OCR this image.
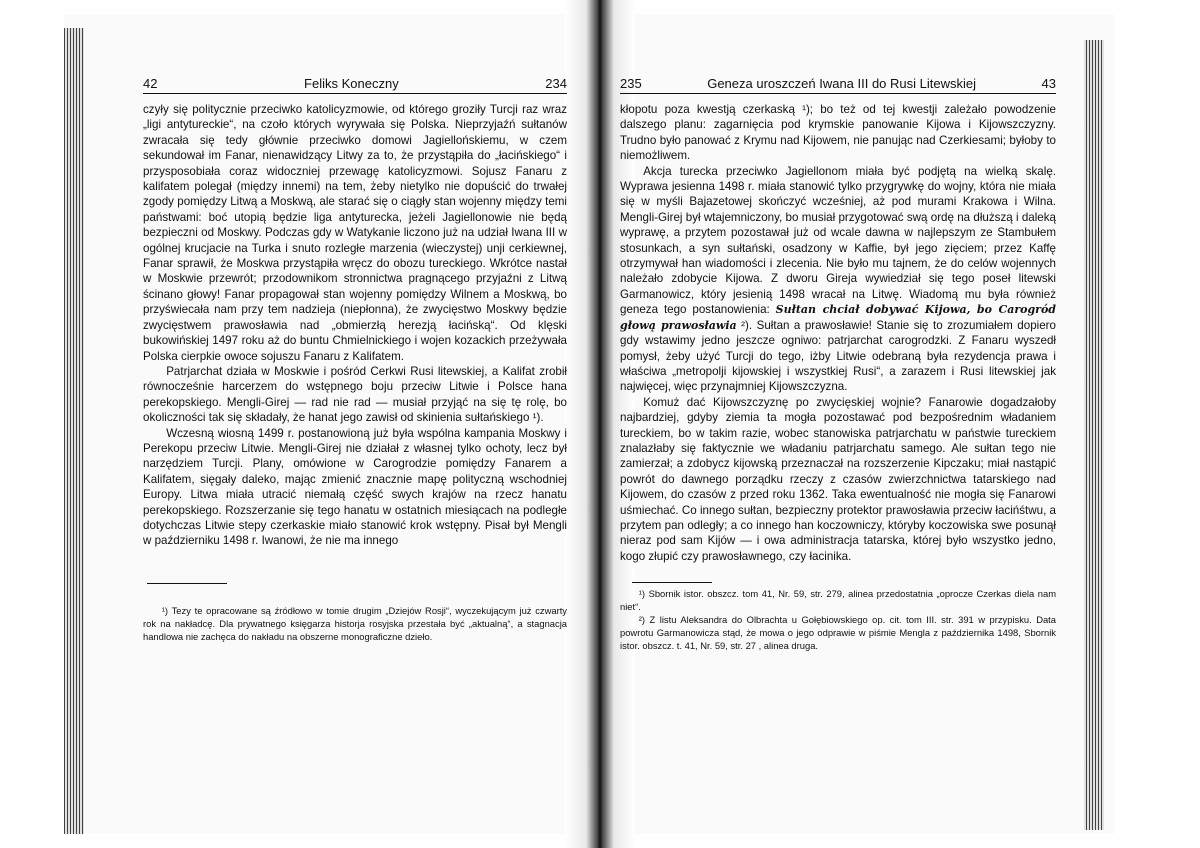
42	Feliks Koneczny	234

czyły się politycznie przeciwko katolicyzmowie, od którego groziły Turcji raz wraz „ligi antytureckie“, na czoło których wyrywała się Polska. Nieprzyjaźń sułtanów zwracała się tedy głównie przeciwko domowi Jagiellońskiemu, w czem sekundował im Fanar, nienawidzący Litwy za to, że przystąpiła do „łacińskiego“ i przysposobiała coraz widoczniej przewagę katolicyzmowi. Sojusz Fanaru z kalifatem polegał (między innemi) na tem, żeby nietylko nie dopuścić do trwałej zgody pomiędzy Litwą a Moskwą, ale starać się o ciągły stan wojenny między temi państwami: boć utopią będzie liga antyturecka, jeżeli Jagiellonowie nie będą bezpieczni od Moskwy. Podczas gdy w Watykanie liczono już na udział Iwana III w ogólnej krucjacie na Turka i snuto rozległe marzenia (wieczystej) unji cerkiewnej, Fanar sprawił, że Moskwa przystąpiła wręcz do obozu tureckiego. Wkrótce nastał w Moskwie przewrót; przodownikom stronnictwa pragnącego przyjaźni z Litwą ścinano głowy! Fanar propagował stan wojenny pomiędzy Wilnem a Moskwą, bo przyświecała nam przy tem nadzieja (niepłonna), że zwycięstwo Moskwy będzie zwycięstwem prawosławia nad „obmierzłą herezją łacińską“. Od klęski bukowińskiej 1497 roku aż do buntu Chmielnickiego i wojen kozackich przeżywała Polska cierpkie owoce sojuszu Fanaru z Kalifatem.

Patrjarchat działa w Moskwie i pośród Cerkwi Rusi litewskiej, a Kalifat zrobił równocześnie harcerzem do wstępnego boju przeciw Litwie i Polsce hana perekopskiego. Mengli-Girej — rad nie rad — musiał przyjąć na się tę rolę, bo okoliczności tak się składały, że hanat jego zawisł od skinienia sułtańskiego ¹).

Wczesną wiosną 1499 r. postanowioną już była wspólna kampania Moskwy i Perekopu przeciw Litwie. Mengli-Girej nie działał z własnej tylko ochoty, lecz był narzędziem Turcji. Plany, omówione w Carogrodzie pomiędzy Fanarem a Kalifatem, sięgały daleko, mając zmienić znacznie mapę polityczną wschodniej Europy. Litwa miała utracić niemałą część swych krajów na rzecz hanatu perekopskiego. Rozszerzanie się tego hanatu w ostatnich miesiącach na podległe dotychczas Litwie stepy czerkaskie miało stanowić krok wstępny. Pisał był Mengli w październiku 1498 r. Iwanowi, że nie ma innego

¹) Tezy te opracowane są źródłowo w tomie drugim „Dziejów Rosji“, wyczekującym już czwarty rok na nakładcę. Dla prywatnego księgarza historja rosyjska przestała być „aktualną“, a stagnacja handlowa nie zachęca do nakładu na obszerne monograficzne dzieło.

235	Geneza uroszczeń Iwana III do Rusi Litewskiej	43

kłopotu poza kwestją czerkaską ¹); bo też od tej kwestji zależało powodzenie dalszego planu: zagarnięcia pod krymskie panowanie Kijowa i Kijowszczyzny. Trudno było panować z Krymu nad Kijowem, nie panując nad Czerkiesami; byłoby to niemożliwem.

Akcja turecka przeciwko Jagiellonom miała być podjętą na wielką skalę. Wyprawa jesienna 1498 r. miała stanowić tylko przygrywkę do wojny, która nie miała się w myśli Bajazetowej skończyć wcześniej, aż pod murami Krakowa i Wilna. Mengli-Girej był wtajemniczony, bo musiał przygotować swą ordę na dłuższą i daleką wyprawę, a przytem pozostawał już od wcale dawna w najlepszym ze Stambułem stosunkach, a syn sułtański, osadzony w Kaffie, był jego zięciem; przez Kaffę otrzymywał han wiadomości i zlecenia. Nie było mu tajnem, że do celów wojennych należało zdobycie Kijowa. Z dworu Gireja wywiedział się tego poseł litewski Garmanowicz, który jesienią 1498 wracał na Litwę. Wiadomą mu była również geneza tego postanowienia: Sułtan chciał dobywać Kijowa, bo Carogród głową prawosławia ²). Sułtan a prawosławie! Stanie się to zrozumiałem dopiero gdy wstawimy jedno jeszcze ogniwo: patrjarchat carogrodzki. Z Fanaru wyszedł pomysł, żeby użyć Turcji do tego, iżby Litwie odebraną była rezydencja prawa i właściwa „metropolji kijowskiej i wszystkiej Rusi“, a zarazem i Rusi litewskiej jak najwięcej, więc przynajmniej Kijowszczyzna.

Komuż dać Kijowszczyznę po zwycięskiej wojnie? Fanarowie dogadzałoby najbardziej, gdyby ziemia ta mogła pozostawać pod bezpośrednim władaniem tureckiem, bo w takim razie, wobec stanowiska patrjarchatu w państwie tureckiem znalazłaby się faktycznie we władaniu patrjarchatu samego. Ale sułtan tego nie zamierzał; a zdobycz kijowską przeznaczał na rozszerzenie Kipczaku; miał nastąpić powrót do dawnego porządku rzeczy z czasów zwierzchnictwa tatarskiego nad Kijowem, do czasów z przed roku 1362. Taka ewentualność nie mogła się Fanarowi uśmiechać. Co innego sułtan, bezpieczny protektor prawosławia przeciw łacińśtwu, a przytem pan odległy; a co innego han koczowniczy, któryby koczowiska swe posunął nieraz pod sam Kijów — i owa administracja tatarska, której było wszystko jedno, kogo złupić czy prawosławnego, czy łacinika.

¹) Sbornik istor. obszcz. tom 41, Nr. 59, str. 279, alinea przedostatnia „oprocze Czerkas diela nam niet“.

²) Z listu Aleksandra do Olbrachta u Gołębiowskiego op. cit. tom III. str. 391 w przypisku. Data powrotu Garmanowicza stąd, że mowa o jego odprawie w piśmie Mengla z października 1498, Sbornik istor. obszcz. t. 41, Nr. 59, str. 27 , alinea druga.
